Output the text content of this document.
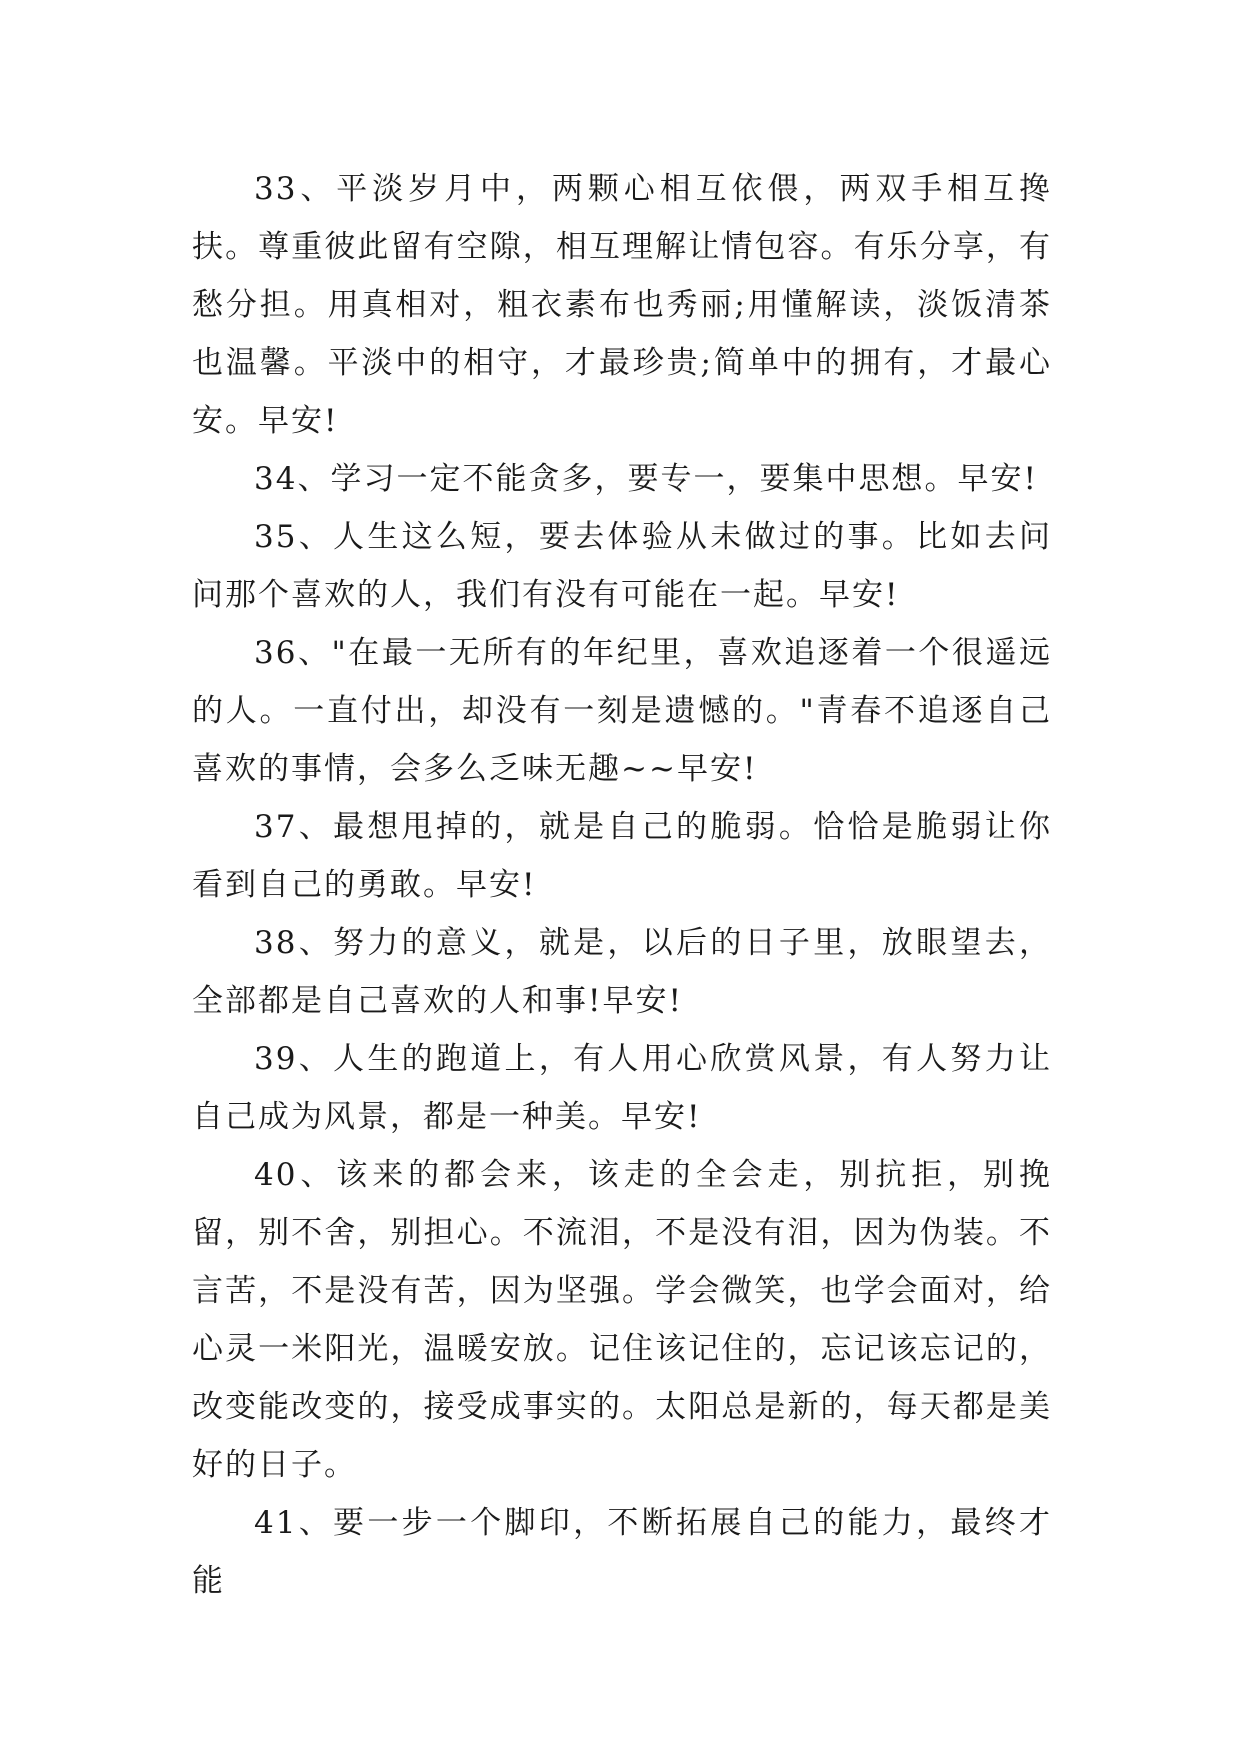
33、平淡岁月中，两颗心相互依偎，两双手相互搀扶。尊重彼此留有空隙，相互理解让情包容。有乐分享，有愁分担。用真相对，粗衣素布也秀丽;用懂解读，淡饭清茶也温馨。平淡中的相守，才最珍贵;简单中的拥有，才最心安。早安!

34、学习一定不能贪多，要专一，要集中思想。早安!

35、人生这么短，要去体验从未做过的事。比如去问问那个喜欢的人，我们有没有可能在一起。早安!

36、"在最一无所有的年纪里，喜欢追逐着一个很遥远的人。一直付出，却没有一刻是遗憾的。"青春不追逐自己喜欢的事情，会多么乏味无趣~~早安!

37、最想甩掉的，就是自己的脆弱。恰恰是脆弱让你看到自己的勇敢。早安!

38、努力的意义，就是，以后的日子里，放眼望去，全部都是自己喜欢的人和事!早安!

39、人生的跑道上，有人用心欣赏风景，有人努力让自己成为风景，都是一种美。早安!

40、该来的都会来，该走的全会走，别抗拒，别挽留，别不舍，别担心。不流泪，不是没有泪，因为伪装。不言苦，不是没有苦，因为坚强。学会微笑，也学会面对，给心灵一米阳光，温暖安放。记住该记住的，忘记该忘记的，改变能改变的，接受成事实的。太阳总是新的，每天都是美好的日子。

41、要一步一个脚印，不断拓展自己的能力，最终才能
